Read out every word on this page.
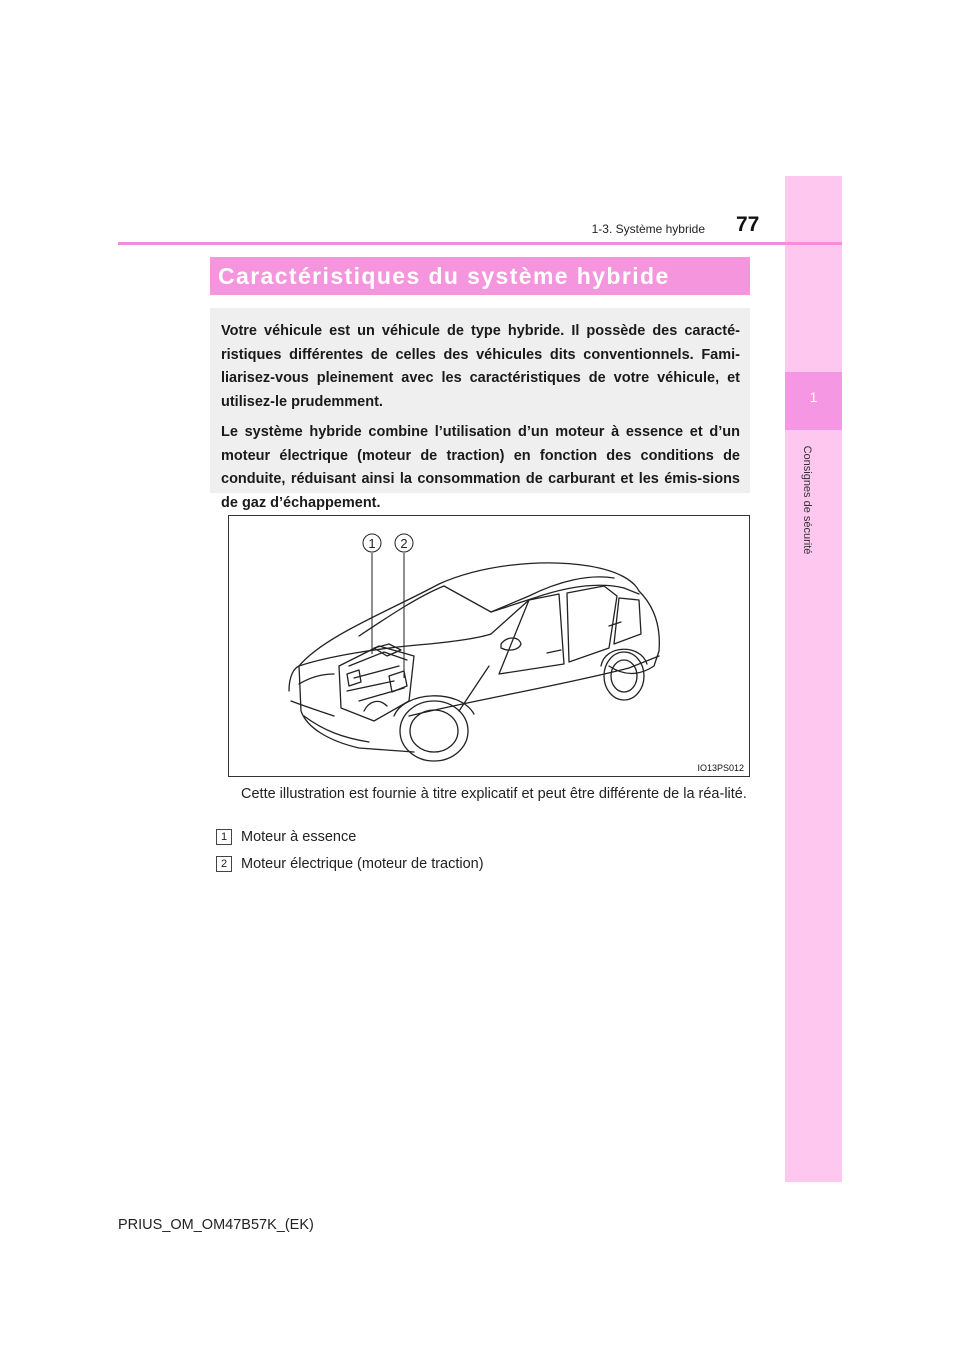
1
Consignes de sécurité
1-3. Système hybride 77
Caractéristiques du système hybride

Votre véhicule est un véhicule de type hybride. Il possède des caracté-ristiques différentes de celles des véhicules dits conventionnels. Fami-liarisez-vous pleinement avec les caractéristiques de votre véhicule, et utilisez-le prudemment.

Le système hybride combine l’utilisation d’un moteur à essence et d’un moteur électrique (moteur de traction) en fonction des conditions de conduite, réduisant ainsi la consommation de carburant et les émis-sions de gaz d’échappement.

1 2
IO13PS012
Cette illustration est fournie à titre explicatif et peut être différente de la réa-lité.
1 Moteur à essence
2 Moteur électrique (moteur de traction)
PRIUS_OM_OM47B57K_(EK)
